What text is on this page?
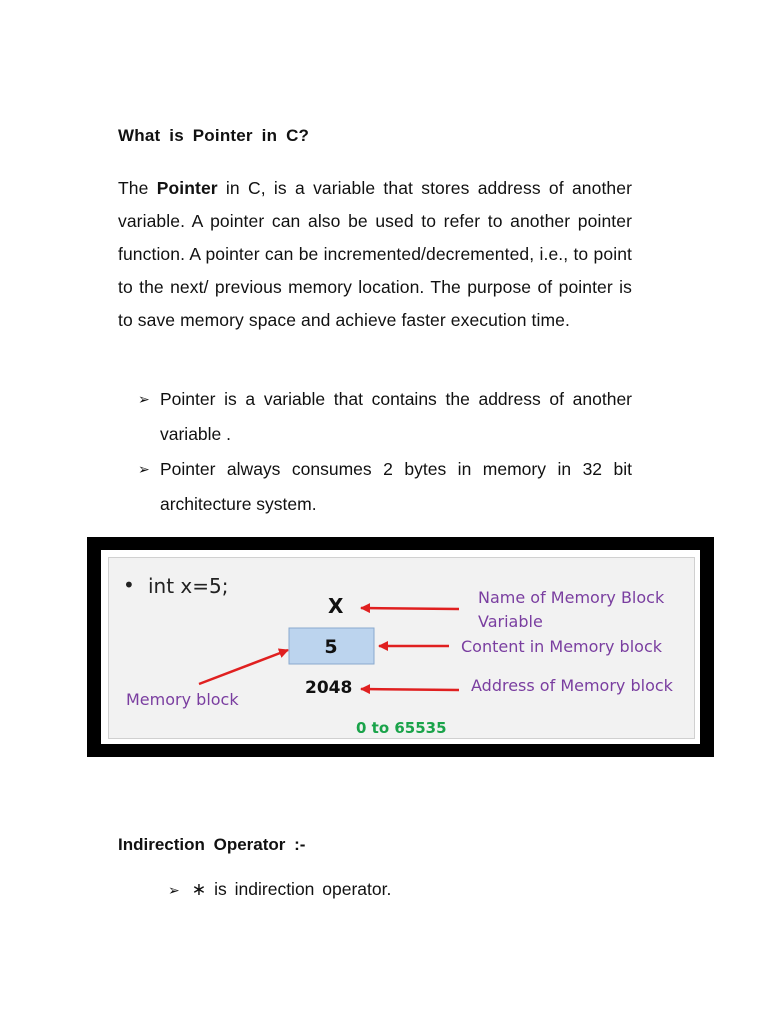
What is Pointer in C?
The Pointer in C, is a variable that stores address of another variable. A pointer can also be used to refer to another pointer function. A pointer can be incremented/decremented, i.e., to point to the next/ previous memory location. The purpose of pointer is to save memory space and achieve faster execution time.
➢ Pointer is a variable that contains the address of another variable .
➢ Pointer always consumes 2 bytes in memory in 32 bit architecture system.
• int x=5;
X
5
2048
Name of Memory Block
Variable
Content in Memory block
Address of Memory block
Memory block
0 to 65535
Indirection Operator :-
➢ ∗ is indirection operator.
